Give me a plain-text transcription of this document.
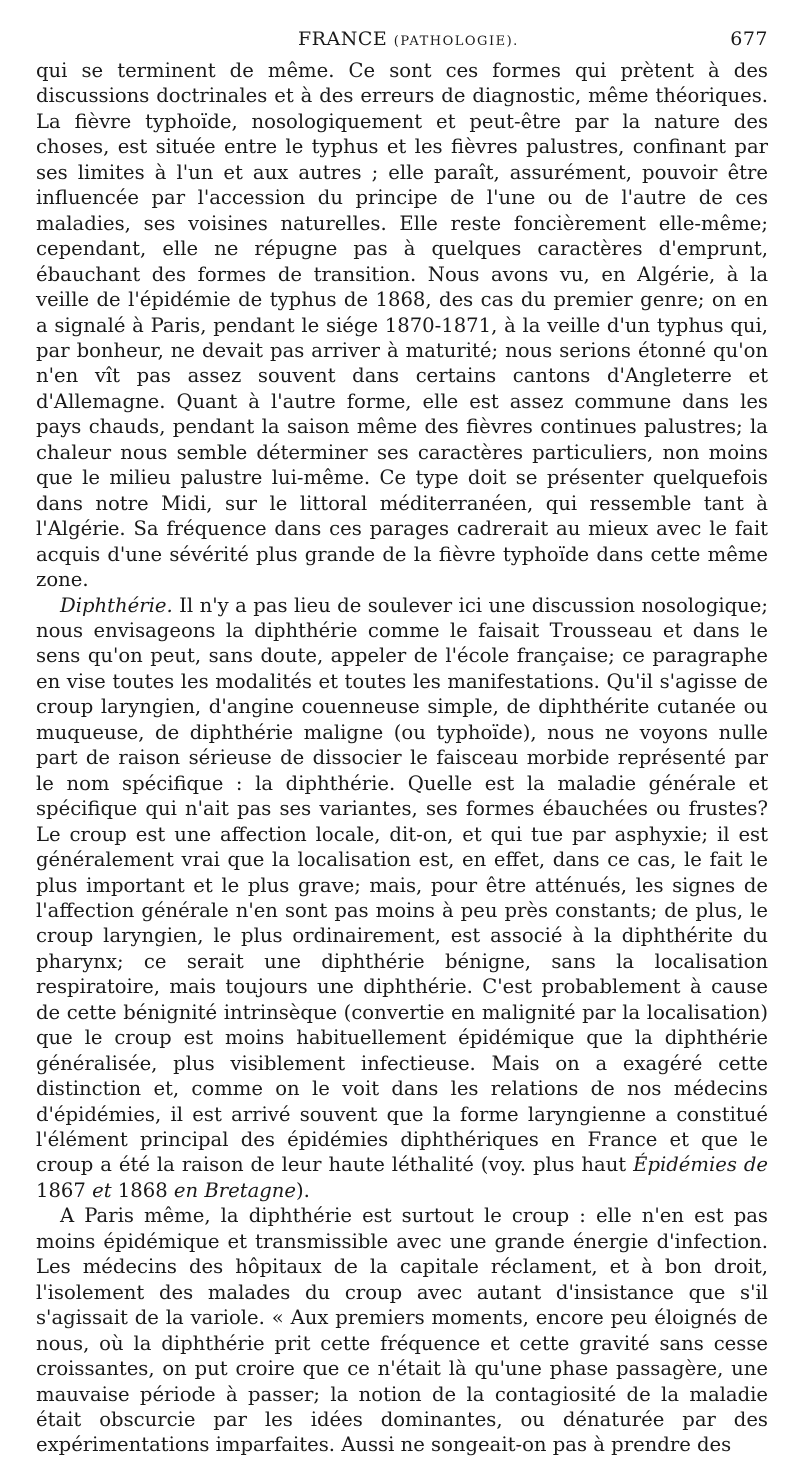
FRANCE (PATHOLOGIE).	677

qui se terminent de même. Ce sont ces formes qui prètent à des discussions doctrinales et à des erreurs de diagnostic, même théoriques. La fièvre typhoïde, nosologiquement et peut-être par la nature des choses, est située entre le typhus et les fièvres palustres, confinant par ses limites à l'un et aux autres ; elle paraît, assurément, pouvoir être influencée par l'accession du principe de l'une ou de l'autre de ces maladies, ses voisines naturelles. Elle reste foncièrement elle-même; cependant, elle ne répugne pas à quelques caractères d'emprunt, ébauchant des formes de transition. Nous avons vu, en Algérie, à la veille de l'épidémie de typhus de 1868, des cas du premier genre; on en a signalé à Paris, pendant le siége 1870-1871, à la veille d'un typhus qui, par bonheur, ne devait pas arriver à maturité; nous serions étonné qu'on n'en vît pas assez souvent dans certains cantons d'Angleterre et d'Allemagne. Quant à l'autre forme, elle est assez commune dans les pays chauds, pendant la saison même des fièvres continues palustres; la chaleur nous semble déterminer ses caractères particuliers, non moins que le milieu palustre lui-même. Ce type doit se présenter quelquefois dans notre Midi, sur le littoral méditerranéen, qui ressemble tant à l'Algérie. Sa fréquence dans ces parages cadrerait au mieux avec le fait acquis d'une sévérité plus grande de la fièvre typhoïde dans cette même zone.

Diphthérie. Il n'y a pas lieu de soulever ici une discussion nosologique; nous envisageons la diphthérie comme le faisait Trousseau et dans le sens qu'on peut, sans doute, appeler de l'école française; ce paragraphe en vise toutes les modalités et toutes les manifestations. Qu'il s'agisse de croup laryngien, d'angine couenneuse simple, de diphthérite cutanée ou muqueuse, de diphthérie maligne (ou typhoïde), nous ne voyons nulle part de raison sérieuse de dissocier le faisceau morbide représenté par le nom spécifique : la diphthérie. Quelle est la maladie générale et spécifique qui n'ait pas ses variantes, ses formes ébauchées ou frustes? Le croup est une affection locale, dit-on, et qui tue par asphyxie; il est généralement vrai que la localisation est, en effet, dans ce cas, le fait le plus important et le plus grave; mais, pour être atténués, les signes de l'affection générale n'en sont pas moins à peu près constants; de plus, le croup laryngien, le plus ordinairement, est associé à la diphthérite du pharynx; ce serait une diphthérie bénigne, sans la localisation respiratoire, mais toujours une diphthérie. C'est probablement à cause de cette bénignité intrinsèque (convertie en malignité par la localisation) que le croup est moins habituellement épidémique que la diphthérie généralisée, plus visiblement infectieuse. Mais on a exagéré cette distinction et, comme on le voit dans les relations de nos médecins d'épidémies, il est arrivé souvent que la forme laryngienne a constitué l'élément principal des épidémies diphthériques en France et que le croup a été la raison de leur haute léthalité (voy. plus haut Épidémies de 1867 et 1868 en Bretagne).

A Paris même, la diphthérie est surtout le croup : elle n'en est pas moins épidémique et transmissible avec une grande énergie d'infection. Les médecins des hôpitaux de la capitale réclament, et à bon droit, l'isolement des malades du croup avec autant d'insistance que s'il s'agissait de la variole. « Aux premiers moments, encore peu éloignés de nous, où la diphthérie prit cette fréquence et cette gravité sans cesse croissantes, on put croire que ce n'était là qu'une phase passagère, une mauvaise période à passer; la notion de la contagiosité de la maladie était obscurcie par les idées dominantes, ou dénaturée par des expérimentations imparfaites. Aussi ne songeait-on pas à prendre des
